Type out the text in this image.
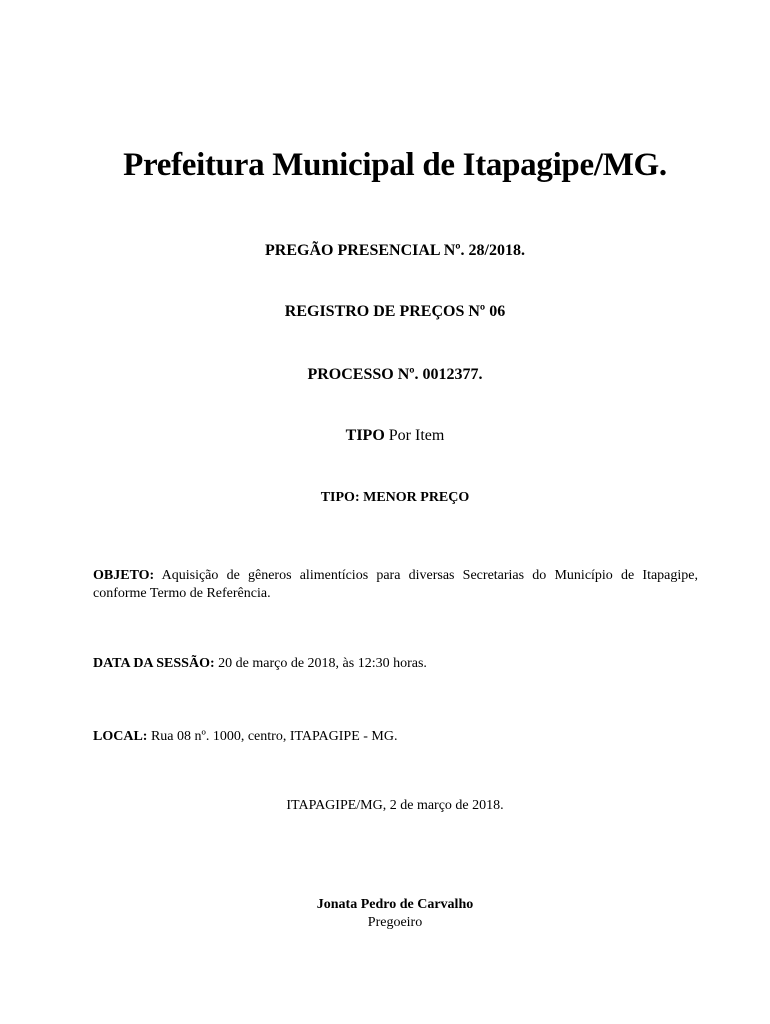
Prefeitura Municipal de Itapagipe/MG.

PREGÃO PRESENCIAL Nº. 28/2018.

REGISTRO DE PREÇOS Nº 06

PROCESSO Nº. 0012377.

TIPO Por Item

TIPO: MENOR PREÇO

OBJETO: Aquisição de gêneros alimentícios para diversas Secretarias do Município de Itapagipe, conforme Termo de Referência.

DATA DA SESSÃO: 20 de março de 2018, às 12:30 horas.

LOCAL: Rua 08 nº. 1000, centro, ITAPAGIPE - MG.

ITAPAGIPE/MG, 2 de março de 2018.

Jonata Pedro de Carvalho

Pregoeiro
